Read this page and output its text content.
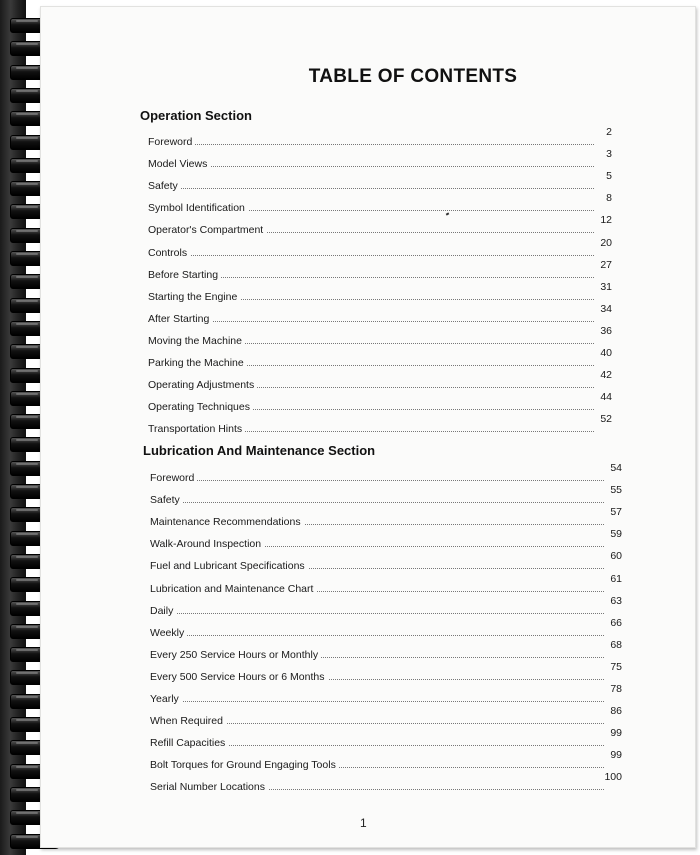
TABLE OF CONTENTS
Operation Section
Foreword
2
Model Views
3
Safety
5
Symbol Identification
8
Operator's Compartment
12
Controls
20
Before Starting
27
Starting the Engine
31
After Starting
34
Moving the Machine
36
Parking the Machine
40
Operating Adjustments
42
Operating Techniques
44
Transportation Hints
52
Lubrication And Maintenance Section
Foreword
54
Safety
55
Maintenance Recommendations
57
Walk-Around Inspection
59
Fuel and Lubricant Specifications
60
Lubrication and Maintenance Chart
61
Daily
63
Weekly
66
Every 250 Service Hours or Monthly
68
Every 500 Service Hours or 6 Months
75
Yearly
78
When Required
86
Refill Capacities
99
Bolt Torques for Ground Engaging Tools
99
Serial Number Locations
100
1
